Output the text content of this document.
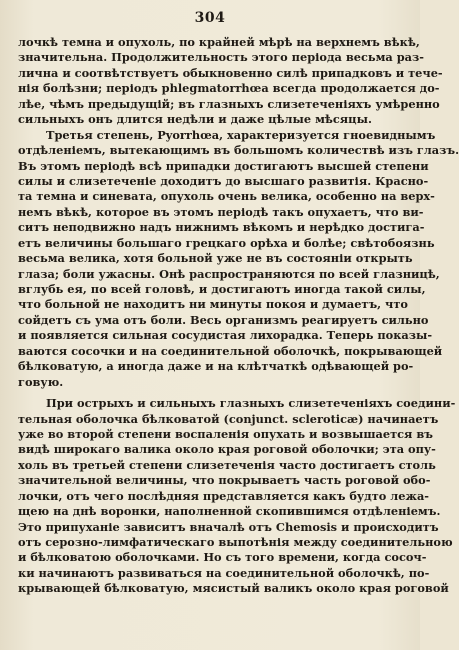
304
лочкѣ темна и опухоль, по крайней мѣрѣ на верхнемъ вѣкѣ,
значительна. Продолжительность этого періода весьма раз-
лична и соотвѣтствуетъ обыкновенно силѣ припадковъ и тече-
нія болѣзни; періодъ phlegmatorrhœa всегда продолжается до-
лѣе, чѣмъ предыдущій; въ глазныхъ слизетеченіяхъ умѣренно
сильныхъ онъ длится недѣли и даже цѣлые мѣсяцы.
Третья степень, Pyorrhœa, характеризуется гноевиднымъ
отдѣленіемъ, вытекающимъ въ большомъ количествѣ изъ глазъ.
Въ этомъ періодѣ всѣ припадки достигаютъ высшей степени
силы и слизетеченіе доходитъ до высшаго развитія. Красно-
та темна и синевата, опухоль очень велика, особенно на верх-
немъ вѣкѣ, которое въ этомъ періодѣ такъ опухаетъ, что ви-
ситъ неподвижно надъ нижнимъ вѣкомъ и нерѣдко достига-
етъ величины большаго грецкаго орѣха и болѣе; свѣтобоязнь
весьма велика, хотя больной уже не въ состояніи открыть
глаза; боли ужасны. Онѣ распространяются по всей глазницѣ,
вглубь ея, по всей головѣ, и достигаютъ иногда такой силы,
что больной не находитъ ни минуты покоя и думаетъ, что
сойдетъ съ ума отъ боли. Весь организмъ реагируетъ сильно
и появляется сильная сосудистая лихорадка. Теперь показы-
ваются сосочки и на соединительной оболочкѣ, покрывающей
бѣлковатую, а иногда даже и на клѣтчаткѣ одѣвающей ро-
говую.
При острыхъ и сильныхъ глазныхъ слизетеченіяхъ соедини-
тельная оболочка бѣлковатой (conjunct. scleroticæ) начинаетъ
уже во второй степени воспаленія опухать и возвышается въ
видѣ широкаго валика около края роговой оболочки; эта опу-
холь въ третьей степени слизетеченія часто достигаетъ столь
значительной величины, что покрываетъ часть роговой обо-
лочки, отъ чего послѣдняя представляется какъ будто лежа-
щею на днѣ воронки, наполненной скопившимся отдѣленіемъ.
Это припуханіе зависитъ вначалѣ отъ Chemosis и происходитъ
отъ серозно-лимфатическаго выпотѣнія между соединительною
и бѣлковатою оболочками. Но съ того времени, когда сосоч-
ки начинаютъ развиваться на соединительной оболочкѣ, по-
крывающей бѣлковатую, мясистый валикъ около края роговой
